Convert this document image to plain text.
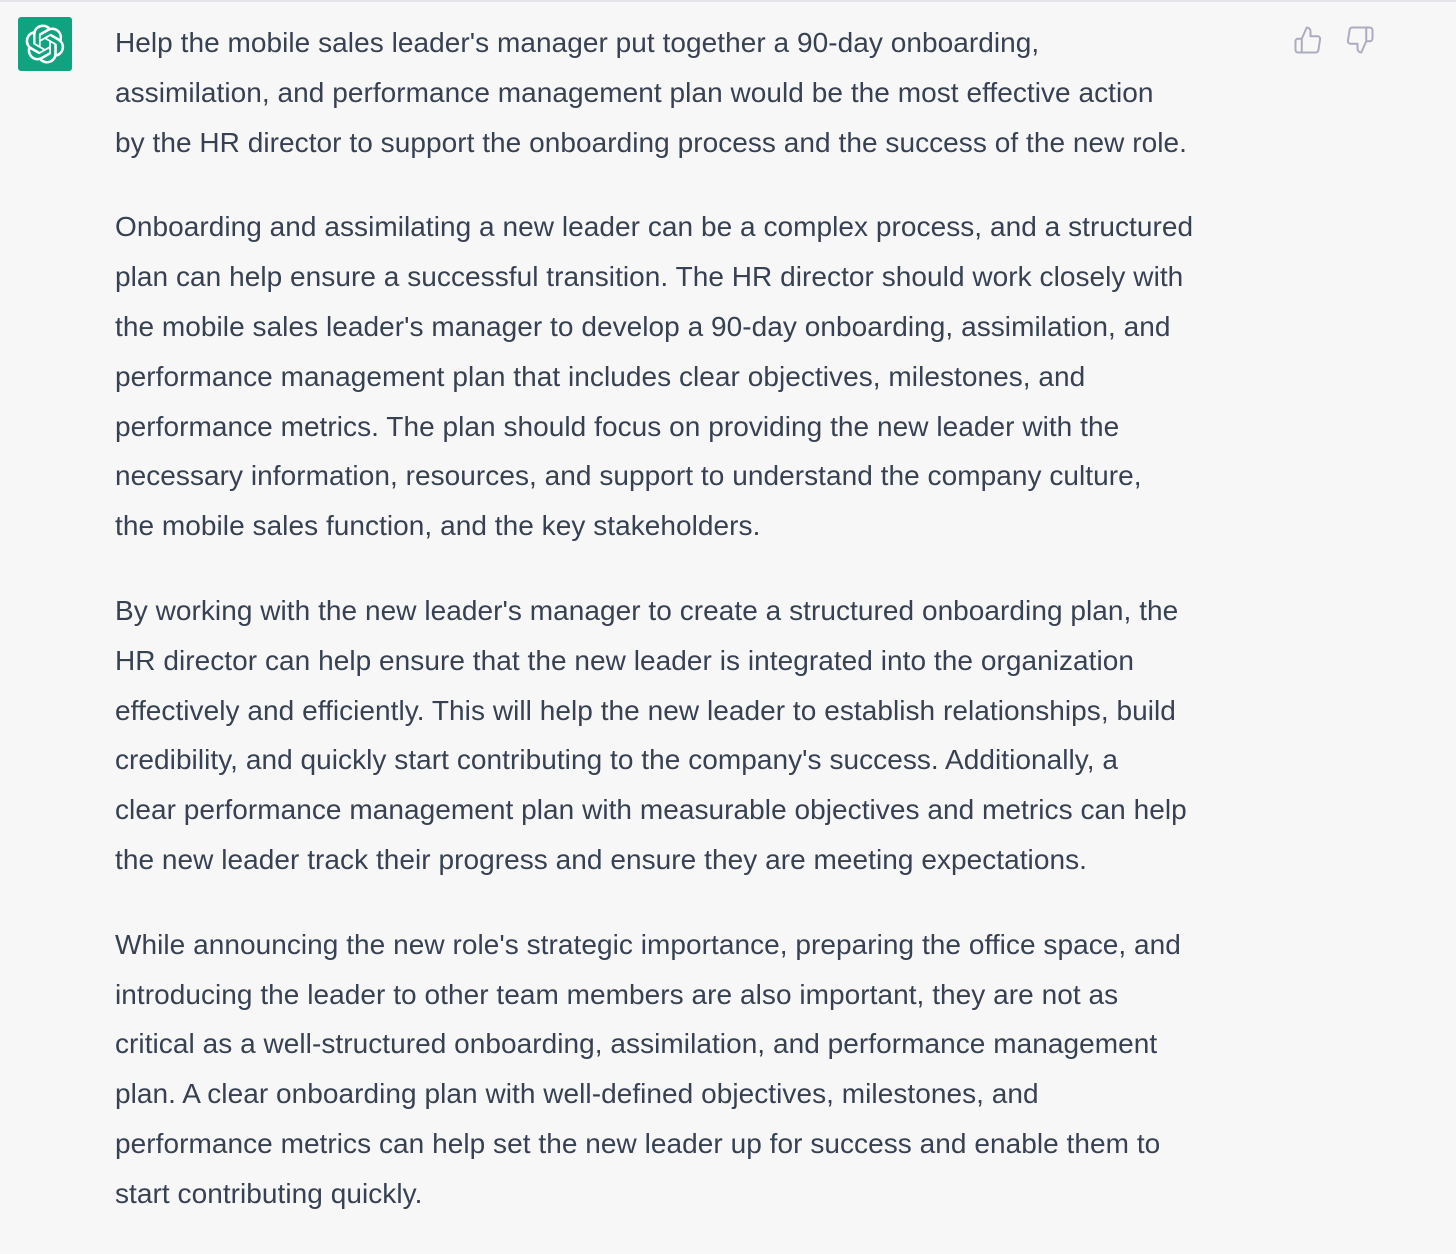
Help the mobile sales leader's manager put together a 90-day onboarding,
assimilation, and performance management plan would be the most effective action
by the HR director to support the onboarding process and the success of the new role.

Onboarding and assimilating a new leader can be a complex process, and a structured
plan can help ensure a successful transition. The HR director should work closely with
the mobile sales leader's manager to develop a 90-day onboarding, assimilation, and
performance management plan that includes clear objectives, milestones, and
performance metrics. The plan should focus on providing the new leader with the
necessary information, resources, and support to understand the company culture,
the mobile sales function, and the key stakeholders.

By working with the new leader's manager to create a structured onboarding plan, the
HR director can help ensure that the new leader is integrated into the organization
effectively and efficiently. This will help the new leader to establish relationships, build
credibility, and quickly start contributing to the company's success. Additionally, a
clear performance management plan with measurable objectives and metrics can help
the new leader track their progress and ensure they are meeting expectations.

While announcing the new role's strategic importance, preparing the office space, and
introducing the leader to other team members are also important, they are not as
critical as a well-structured onboarding, assimilation, and performance management
plan. A clear onboarding plan with well-defined objectives, milestones, and
performance metrics can help set the new leader up for success and enable them to
start contributing quickly.
